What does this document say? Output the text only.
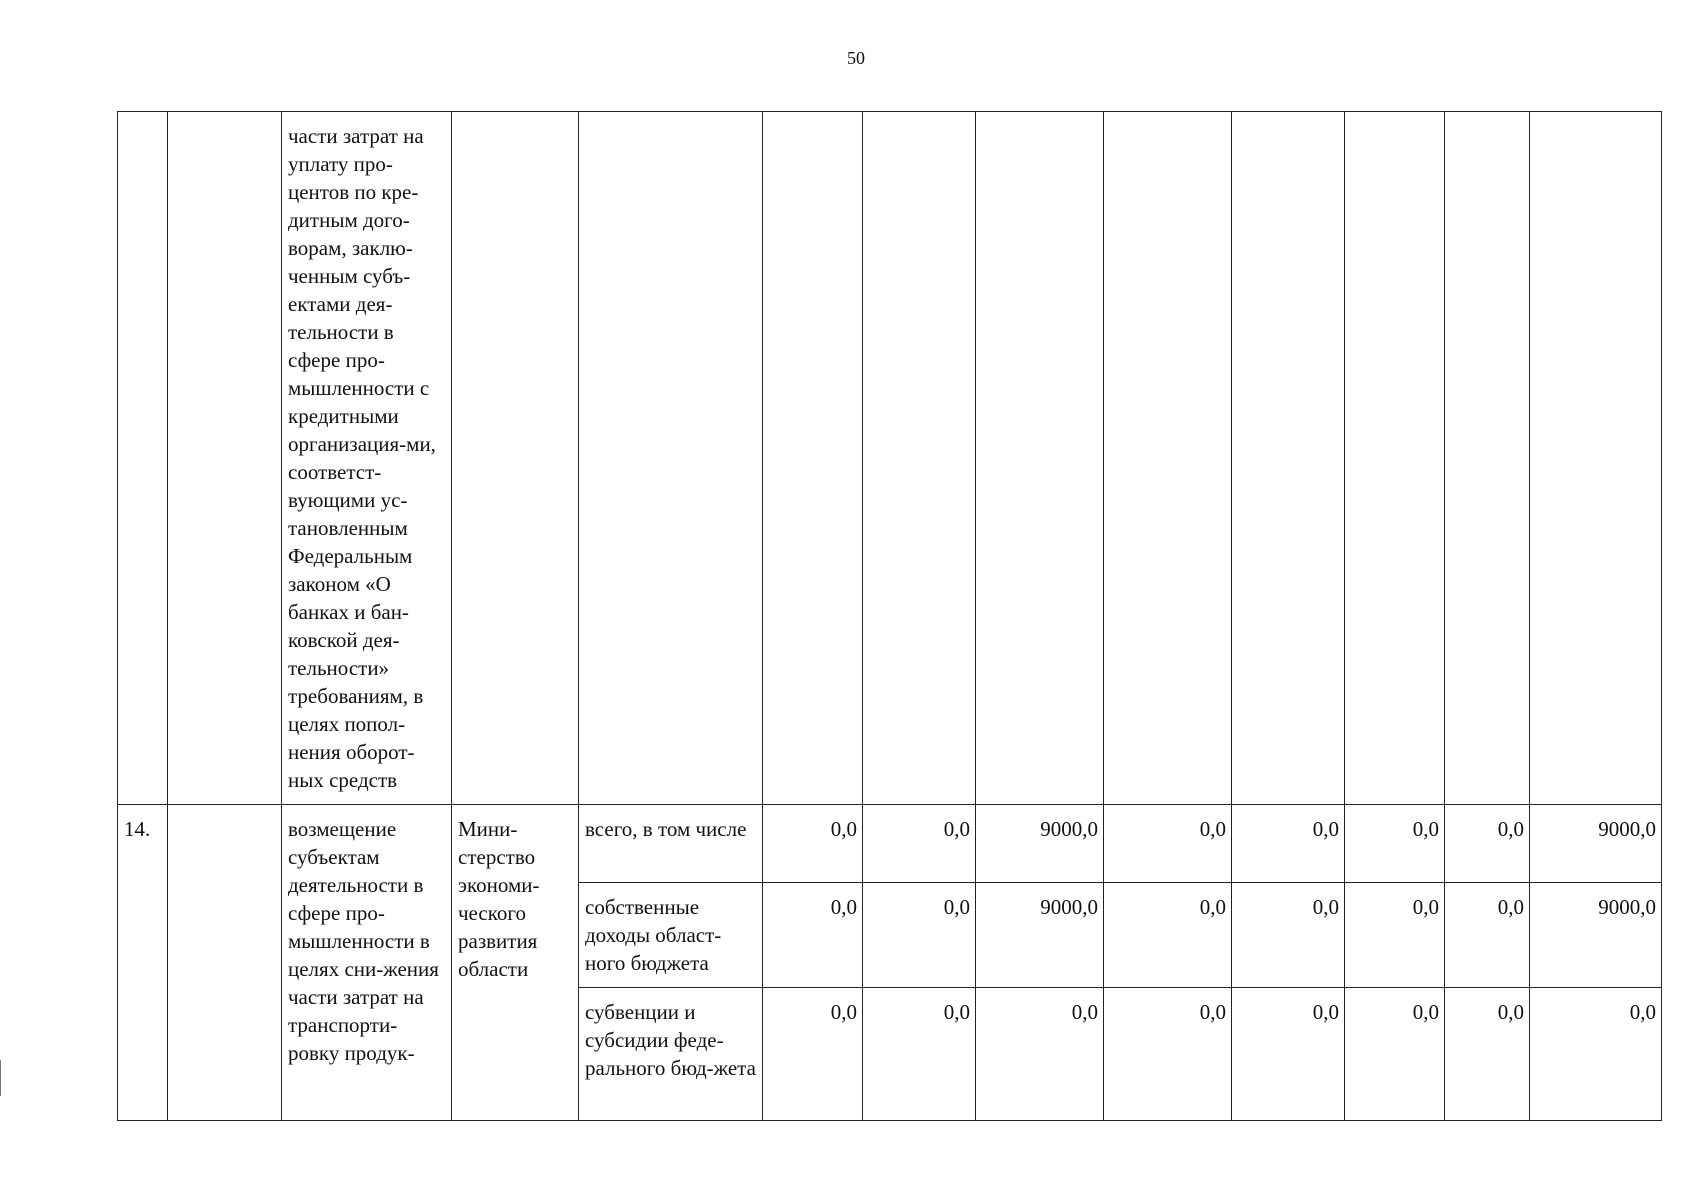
50
		части затрат на уплату про-центов по кре-дитным дого-ворам, заклю-ченным субъ-ектами дея-тельности в сфере про-мышленности с кредитными организация-ми, соответст-вующими ус-тановленным Федеральным законом «О банках и бан-ковской дея-тельности» требованиям, в целях попол-нения оборот-ных средств										
14.		возмещение субъектам деятельности в сфере про-мышленности в целях сни-жения части затрат на транспорти-ровку продук-	Мини-стерство экономи-ческого развития области	всего, в том числе	0,0	0,0	9000,0	0,0	0,0	0,0	0,0	9000,0
				собственные доходы област-ного бюджета	0,0	0,0	9000,0	0,0	0,0	0,0	0,0	9000,0
				субвенции и субсидии феде-рального бюд-жета	0,0	0,0	0,0	0,0	0,0	0,0	0,0	0,0
